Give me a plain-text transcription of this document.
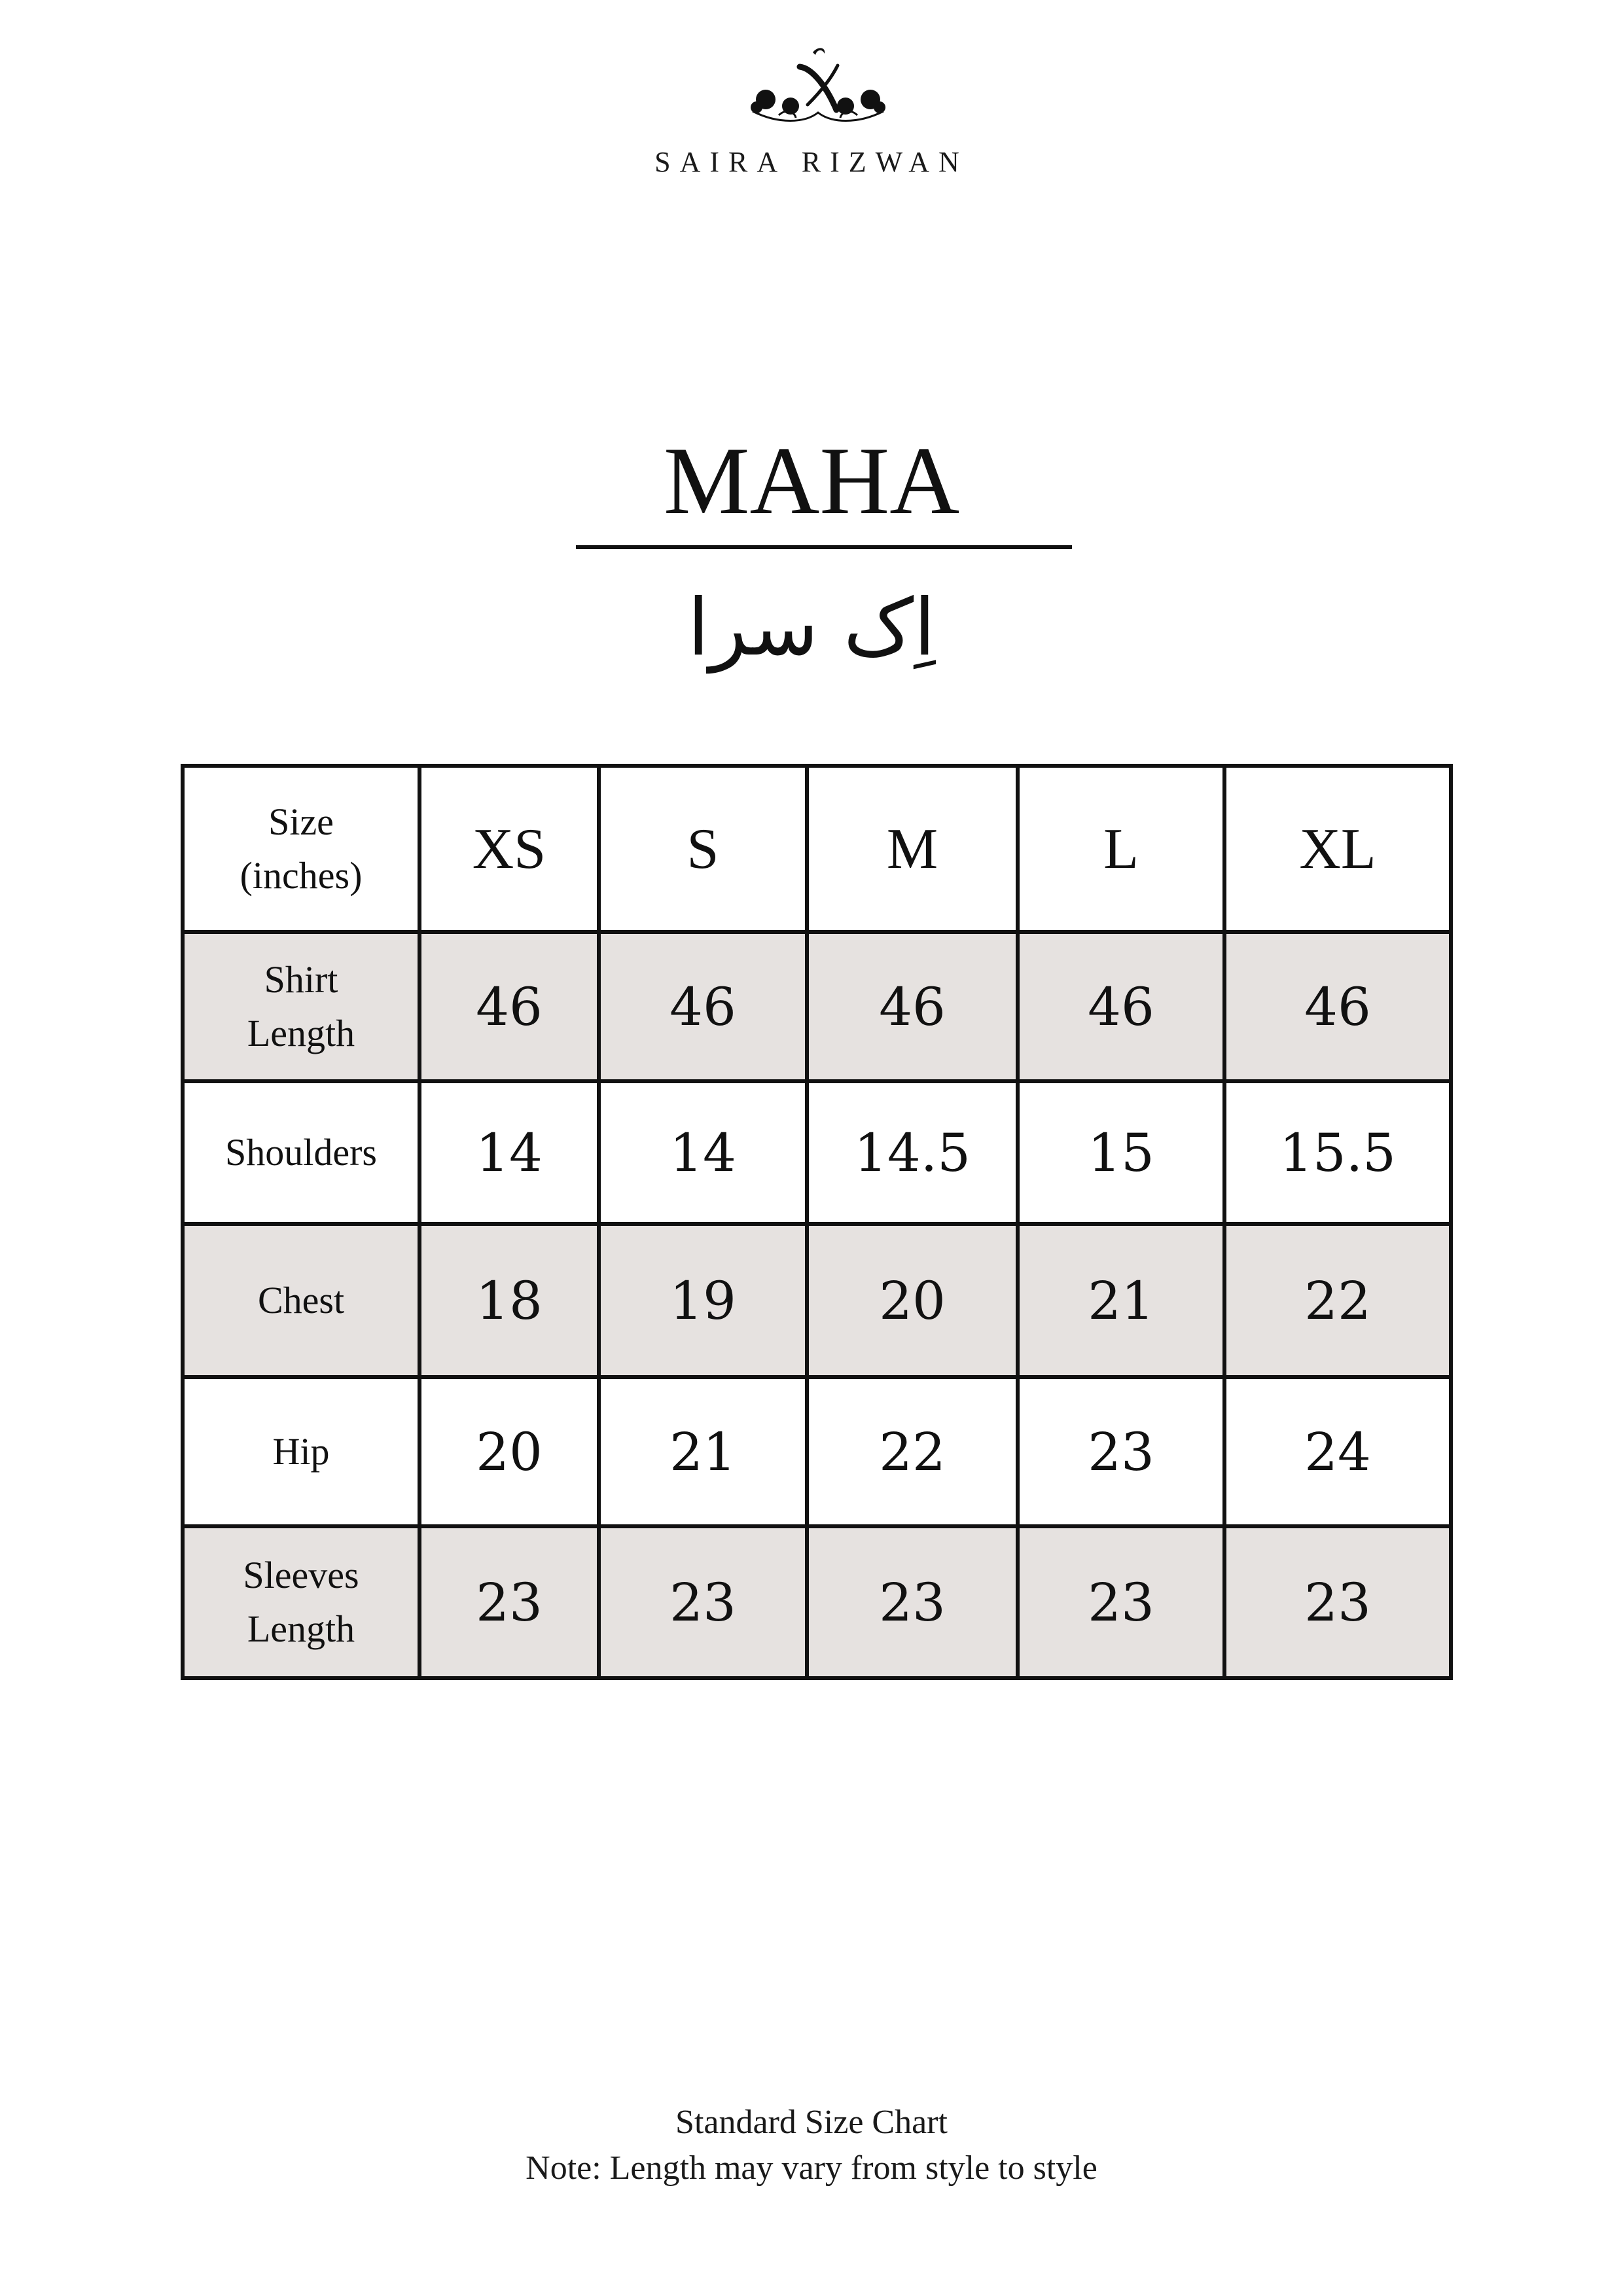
SAIRA RIZWAN
MAHA
اِک سرا
Size
(inches)	XS	S	M	L	XL

Shirt
Length	46	46	46	46	46

Shoulders	14	14	14.5	15	15.5

Chest	18	19	20	21	22

Hip	20	21	22	23	24

Sleeves
Length	23	23	23	23	23
Standard Size Chart
Note: Length may vary from style to style
